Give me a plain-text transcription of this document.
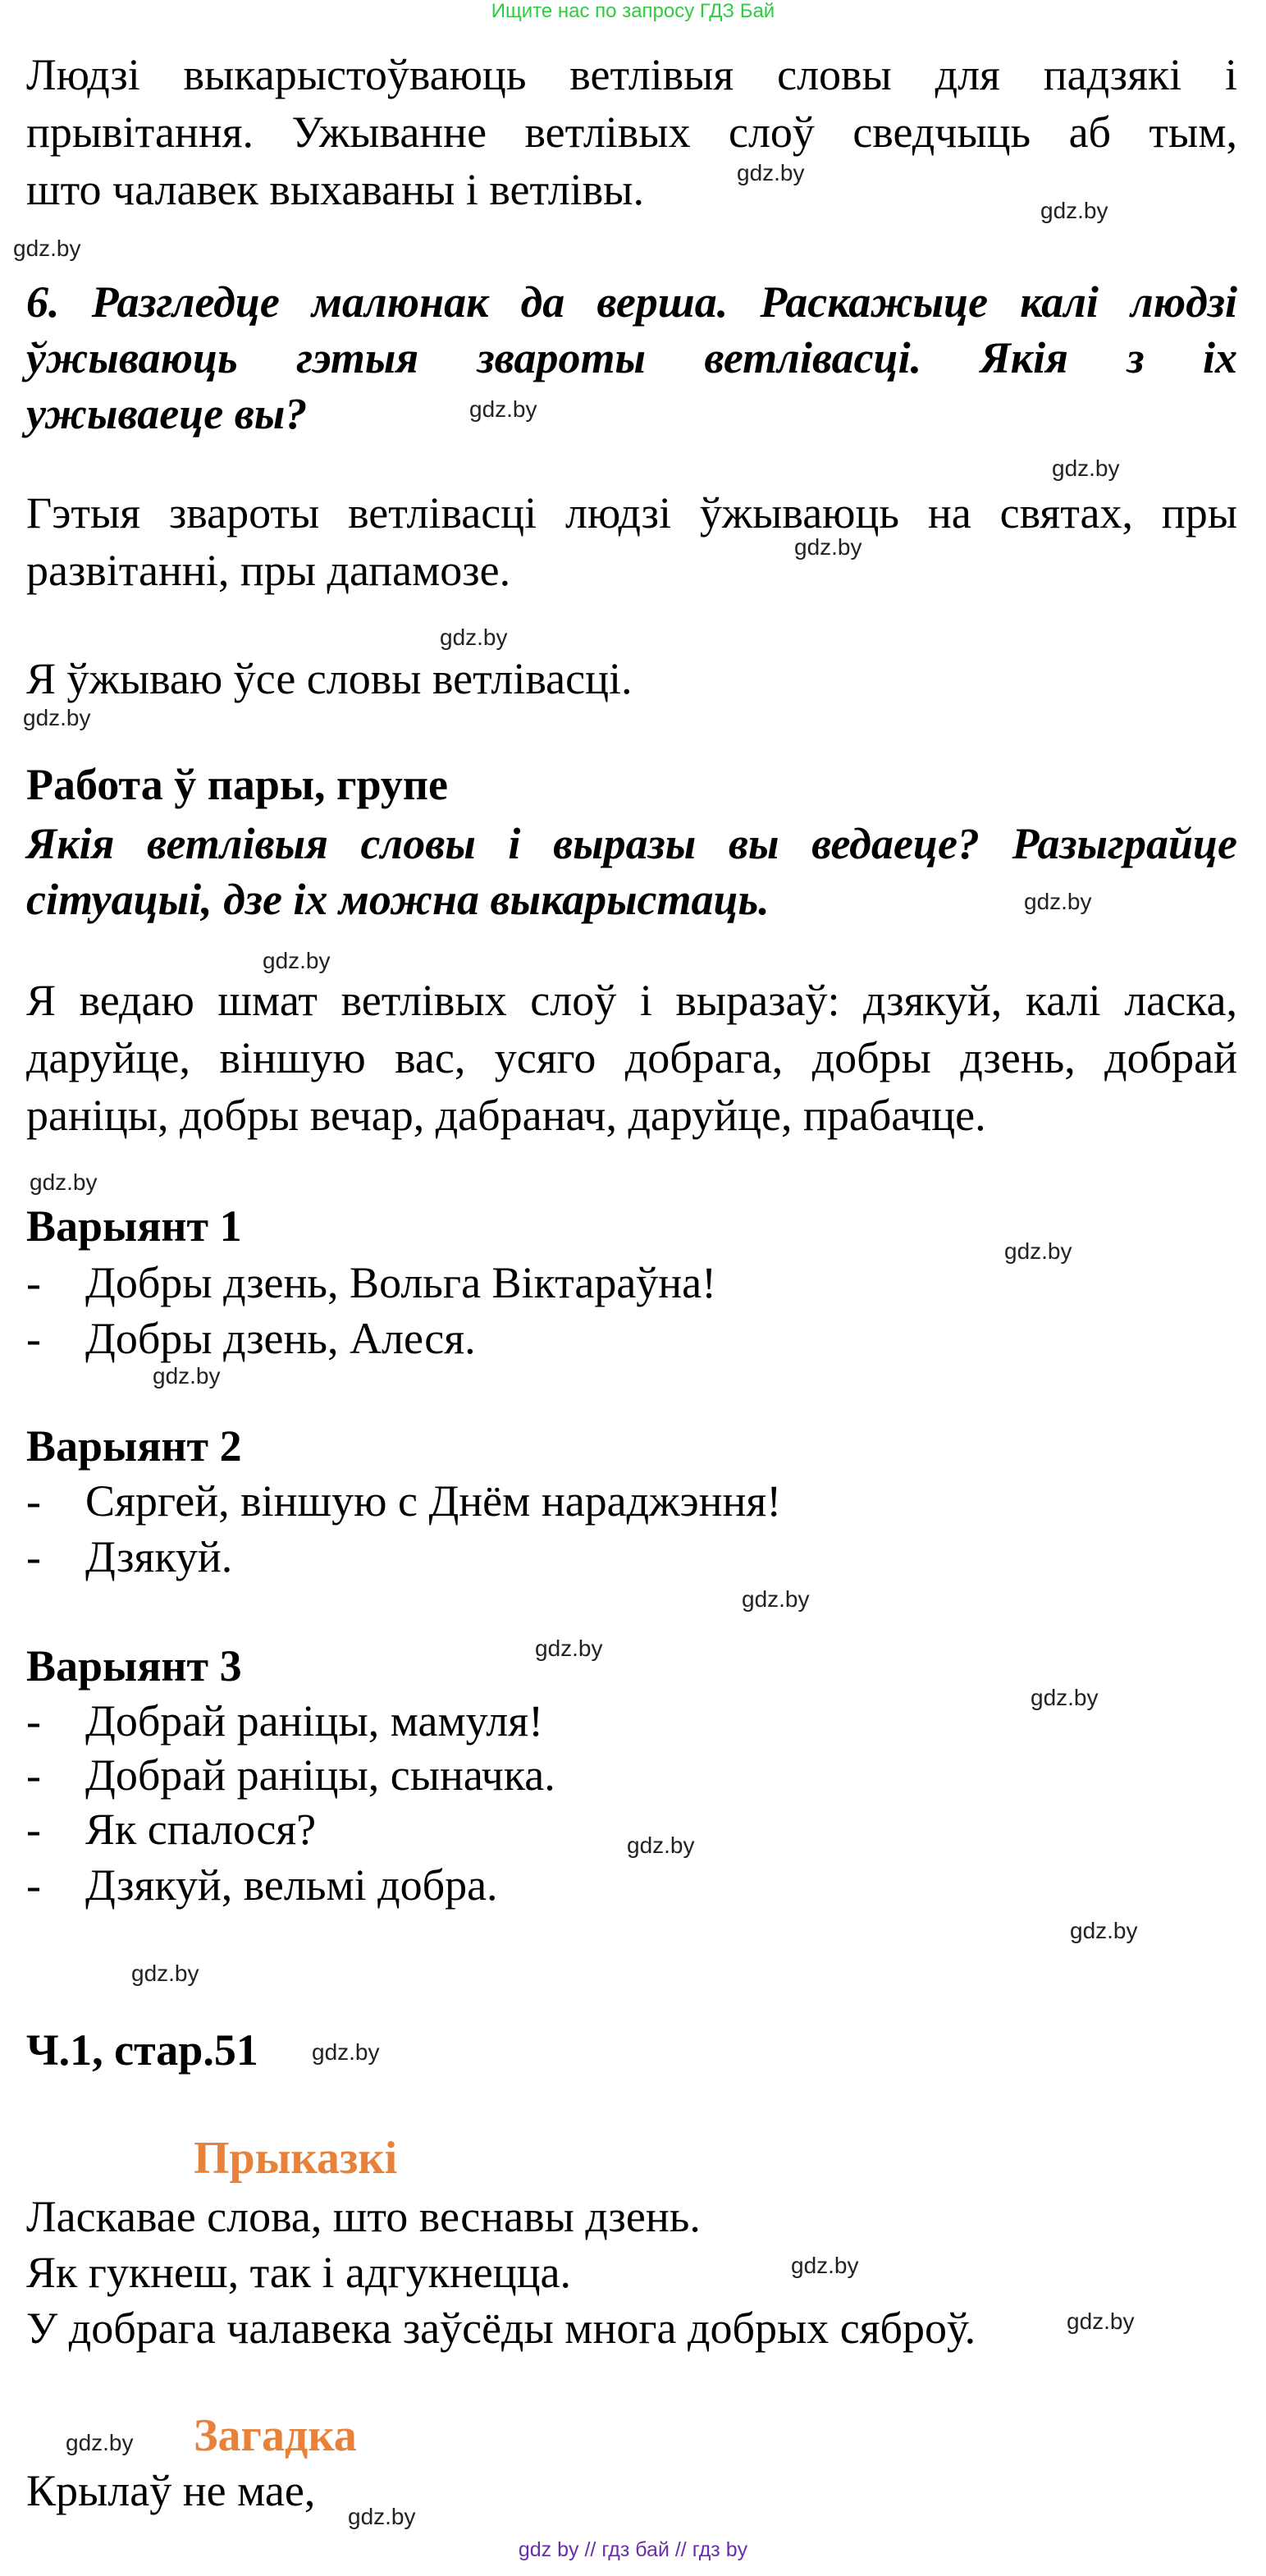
Ищите нас по запросу ГДЗ Бай
Людзі выкарыстоўваюць ветлівыя словы для падзякі і
прывітання. Ужыванне ветлівых слоў сведчыць аб тым,
што чалавек выхаваны і ветлівы.
6. Разгледце малюнак да верша. Раскажыце калі людзі
ўжываюць гэтыя звароты ветлівасці. Якія з іх
ужываеце вы?
Гэтыя звароты ветлівасці людзі ўжываюць на святах, пры
развітанні, пры дапамозе.
Я ўжываю ўсе словы ветлівасці.
Работа ў пары, групе
Якія ветлівыя словы і выразы вы ведаеце? Разыграйце
сітуацыі, дзе іх можна выкарыстаць.
Я ведаю шмат ветлівых слоў і выразаў: дзякуй, калі ласка,
даруйце, віншую вас, усяго добрага, добры дзень, добрай
раніцы, добры вечар, дабранач, даруйце, прабачце.
Варыянт 1
- Добры дзень, Вольга Віктараўна!
- Добры дзень, Алеся.
Варыянт 2
- Сяргей, віншую с Днём нараджэння!
- Дзякуй.
Варыянт 3
- Добрай раніцы, мамуля!
- Добрай раніцы, сыначка.
- Як спалося?
- Дзякуй, вельмі добра.
Ч.1, стар.51
Прыказкі
Ласкавае слова, што веснавы дзень.
Як гукнеш, так і адгукнецца.
У добрага чалавека заўсёды многа добрых сяброў.
Загадка
Крылаў не мае,
gdz.by
gdz.by
gdz.by
gdz.by
gdz.by
gdz.by
gdz.by
gdz.by
gdz.by
gdz.by
gdz.by
gdz.by
gdz.by
gdz.by
gdz.by
gdz.by
gdz.by
gdz.by
gdz.by
gdz.by
gdz.by
gdz.by
gdz.by
gdz.by
gdz by // гдз бай // гдз by
